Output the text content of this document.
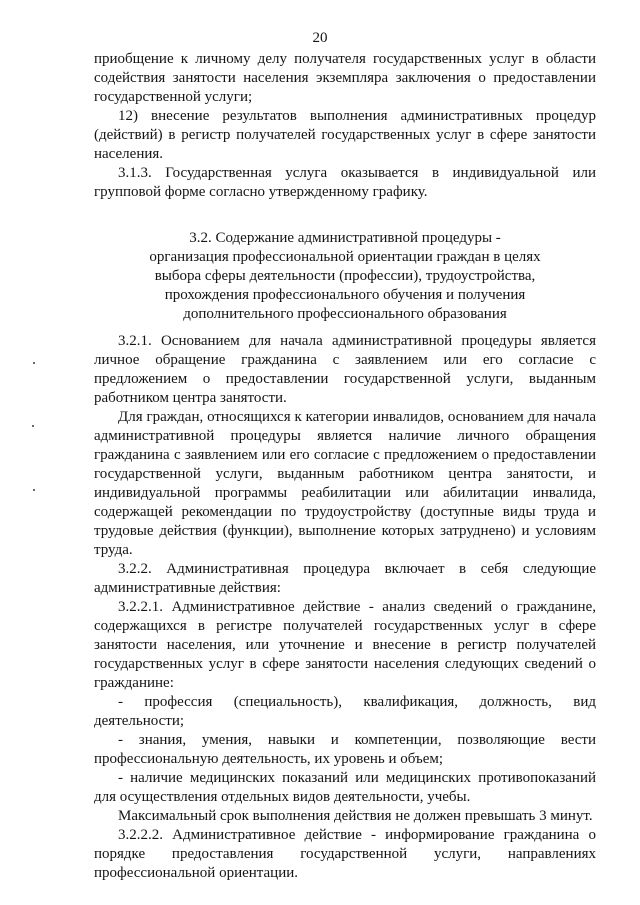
20

приобщение к личному делу получателя государственных услуг в области содействия занятости населения экземпляра заключения о предоставлении государственной услуги;

12) внесение результатов выполнения административных процедур (действий) в регистр получателей государственных услуг в сфере занятости населения.

3.1.3. Государственная услуга оказывается в индивидуальной или групповой форме согласно утвержденному графику.

3.2. Содержание административной процедуры -
организация профессиональной ориентации граждан в целях
выбора сферы деятельности (профессии), трудоустройства,
прохождения профессионального обучения и получения
дополнительного профессионального образования

3.2.1. Основанием для начала административной процедуры является личное обращение гражданина с заявлением или его согласие с предложением о предоставлении государственной услуги, выданным работником центра занятости.

Для граждан, относящихся к категории инвалидов, основанием для начала административной процедуры является наличие личного обращения гражданина с заявлением или его согласие с предложением о предоставлении государственной услуги, выданным работником центра занятости, и индивидуальной программы реабилитации или абилитации инвалида, содержащей рекомендации по трудоустройству (доступные виды труда и трудовые действия (функции), выполнение которых затруднено) и условиям труда.

3.2.2. Административная процедура включает в себя следующие административные действия:

3.2.2.1. Административное действие - анализ сведений о гражданине, содержащихся в регистре получателей государственных услуг в сфере занятости населения, или уточнение и внесение в регистр получателей государственных услуг в сфере занятости населения следующих сведений о гражданине:

- профессия (специальность), квалификация, должность, вид деятельности;

- знания, умения, навыки и компетенции, позволяющие вести профессиональную деятельность, их уровень и объем;

- наличие медицинских показаний или медицинских противопоказаний для осуществления отдельных видов деятельности, учебы.

Максимальный срок выполнения действия не должен превышать 3 минут.

3.2.2.2. Административное действие - информирование гражданина о порядке предоставления государственной услуги, направлениях профессиональной ориентации.
